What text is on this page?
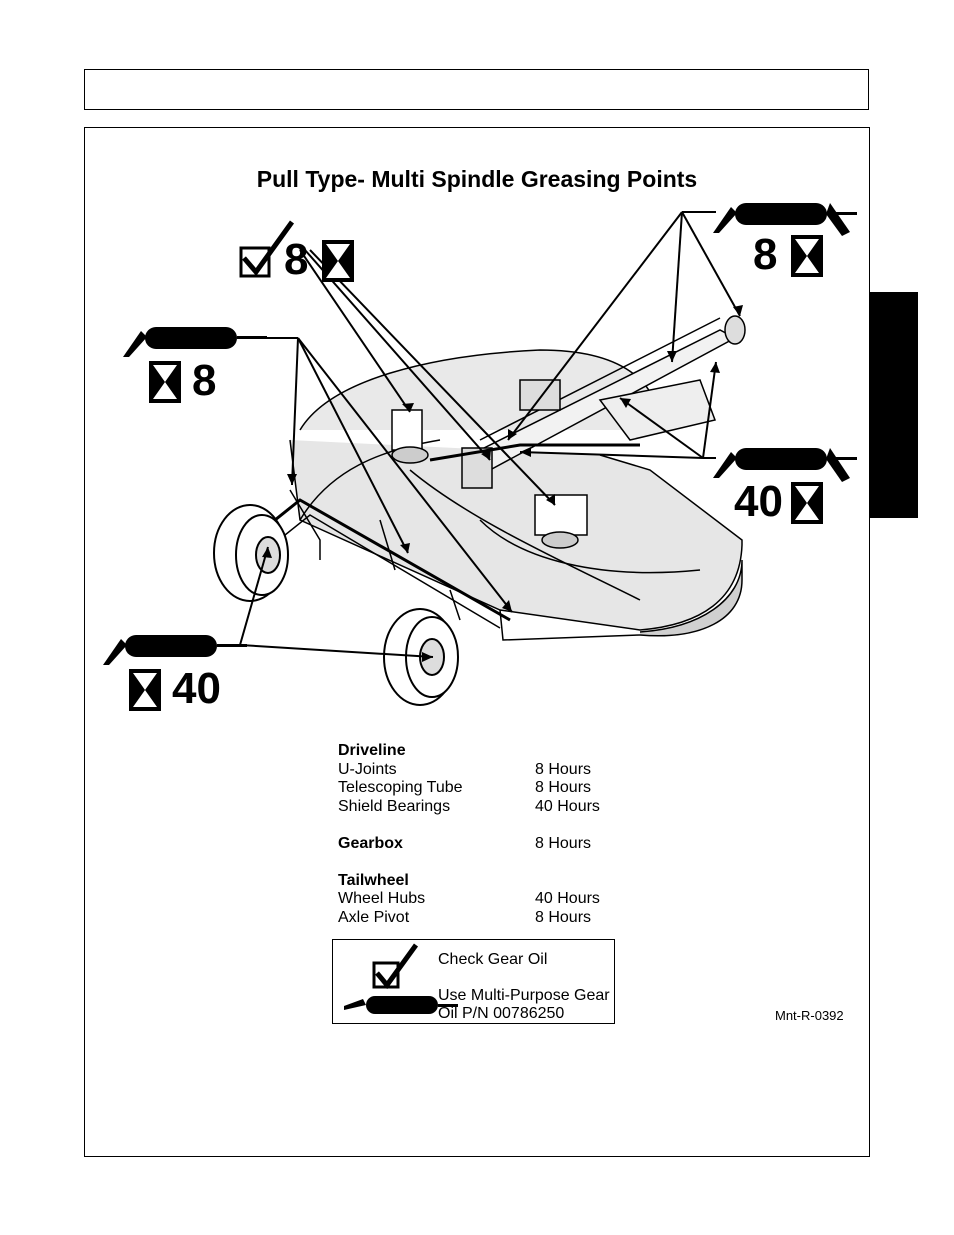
Pull Type- Multi Spindle Greasing Points
8	8
8
40
40
Driveline
U-Joints	8 Hours
Telescoping Tube	8 Hours
Shield Bearings	40 Hours
Gearbox	8 Hours
Tailwheel
Wheel Hubs	40 Hours
Axle Pivot	8 Hours
Check Gear Oil
Use Multi-Purpose Gear Oil P/N 00786250	Mnt-R-0392
